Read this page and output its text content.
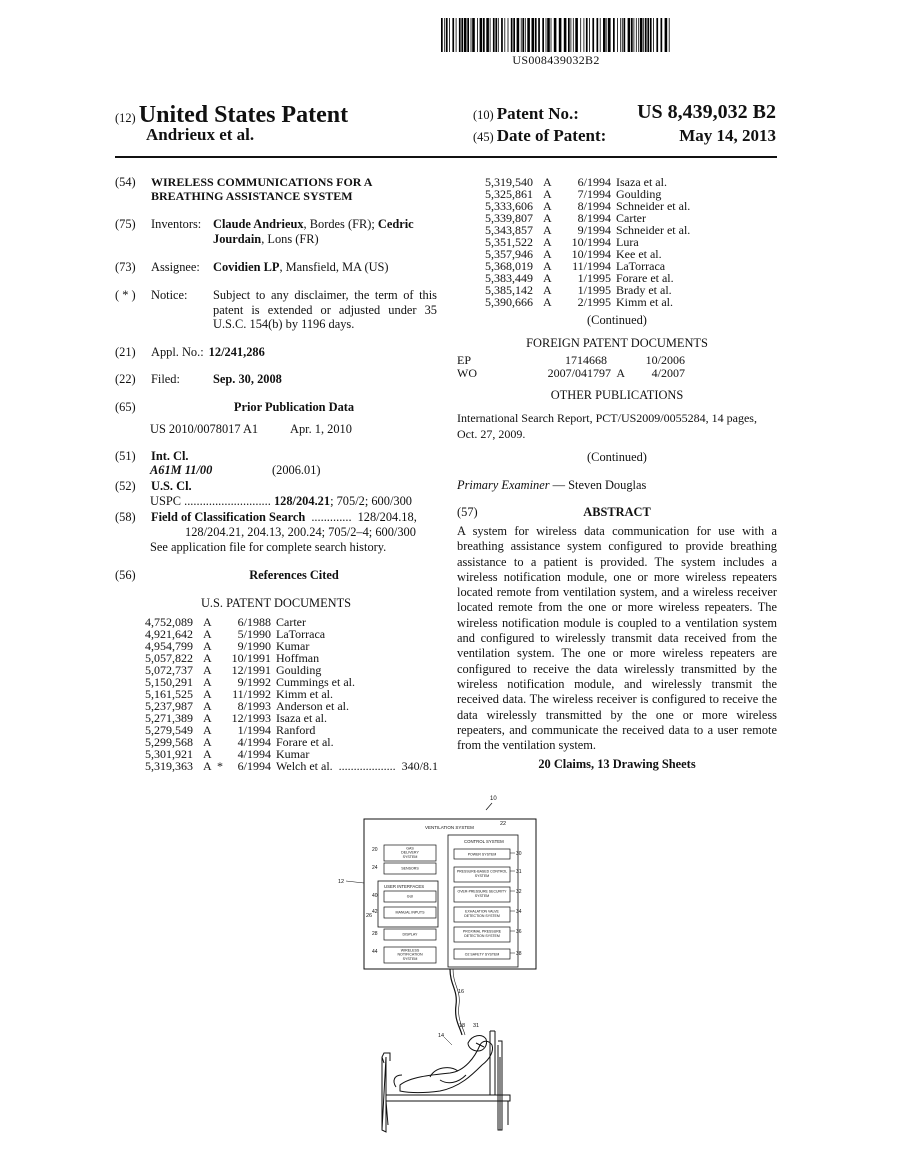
US008439032B2
(12) United States Patent
Andrieux et al.
(10) Patent No.:	US 8,439,032 B2
(45) Date of Patent:	May 14, 2013
(54)	WIRELESS COMMUNICATIONS FOR A BREATHING ASSISTANCE SYSTEM
(75)	Inventors: Claude Andrieux, Bordes (FR); Cedric Jourdain, Lons (FR)
(73)	Assignee:	Covidien LP, Mansfield, MA (US)
( * )	Notice:	Subject to any disclaimer, the term of this patent is extended or adjusted under 35 U.S.C. 154(b) by 1196 days.
(21)	Appl. No.: 12/241,286
(22)	Filed:	Sep. 30, 2008
(65)	Prior Publication Data
US 2010/0078017 A1	Apr. 1, 2010
(51)	Int. Cl.
A61M 11/00	(2006.01)
(52)	U.S. Cl.
USPC ............................ 128/204.21; 705/2; 600/300
(58)	Field of Classification Search ............. 128/204.18,
128/204.21, 204.13, 200.24; 705/2–4; 600/300
See application file for complete search history.
(56)	References Cited
U.S. PATENT DOCUMENTS
4,752,089	A	6/1988	Carter
4,921,642	A	5/1990	LaTorraca
4,954,799	A	9/1990	Kumar
5,057,822	A	10/1991	Hoffman
5,072,737	A	12/1991	Goulding
5,150,291	A	9/1992	Cummings et al.
5,161,525	A	11/1992	Kimm et al.
5,237,987	A	8/1993	Anderson et al.
5,271,389	A	12/1993	Isaza et al.
5,279,549	A	1/1994	Ranford
5,299,568	A	4/1994	Forare et al.
5,301,921	A	4/1994	Kumar
5,319,363	A  *	6/1994	Welch et al.  ...................  340/8.1
5,319,540	A	6/1994	Isaza et al.
5,325,861	A	7/1994	Goulding
5,333,606	A	8/1994	Schneider et al.
5,339,807	A	8/1994	Carter
5,343,857	A	9/1994	Schneider et al.
5,351,522	A	10/1994	Lura
5,357,946	A	10/1994	Kee et al.
5,368,019	A	11/1994	LaTorraca
5,383,449	A	1/1995	Forare et al.
5,385,142	A	1/1995	Brady et al.
5,390,666	A	2/1995	Kimm et al.
(Continued)
FOREIGN PATENT DOCUMENTS
EP	1714668	10/2006
WO	2007/041797  A	4/2007
OTHER PUBLICATIONS
International Search Report, PCT/US2009/0055284, 14 pages, Oct. 27, 2009.
(Continued)
Primary Examiner — Steven Douglas
(57)	ABSTRACT
A system for wireless data communication for use with a breathing assistance system configured to provide breathing assistance to a patient is provided. The system includes a wireless notification module, one or more wireless repeaters located remote from ventilation system, and a wireless receiver located remote from the one or more wireless repeaters. The wireless notification module is coupled to a ventilation system and configured to wirelessly transmit data received from the ventilation system. The one or more wireless repeaters are configured to receive the data wirelessly transmitted by the wireless notification module, and wirelessly transmit the received data. The wireless receiver is configured to receive the data wirelessly transmitted by the one or more wireless repeaters, and communicate the received data to a user remote from the ventilation system.
20 Claims, 13 Drawing Sheets
10
VENTILATION SYSTEM
22
12
CONTROL SYSTEM
USER INTERFACES
26
GAS
DELIVERY
SYSTEM
20
SENSORS
24
GUI
40
MANUAL INPUTS
42
DISPLAY
28
WIRELESS
NOTIFICATION
SYSTEM
44
POWER SYSTEM	30
PRESSURE-BASED CONTROL
SYSTEM
31
OVER-PRESSURE SECURITY
SYSTEM
32
EXHALATION VALVE
DETECTION SYSTEM
34
PROXIMAL PRESSURE
DETECTION SYSTEM
36
O2 SAFETY SYSTEM	38
16
18 31
14
